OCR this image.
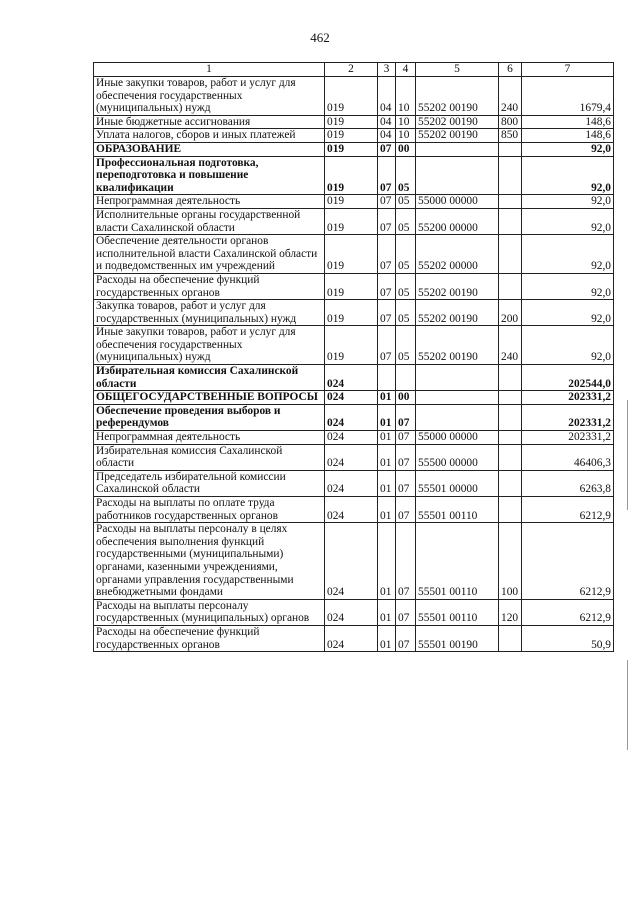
462
1	2	3	4	5	6	7
Иные закупки товаров, работ и услуг для обеспечения государственных (муниципальных) нужд	019	04	10	55202 00190	240	1679,4
Иные бюджетные ассигнования	019	04	10	55202 00190	800	148,6
Уплата налогов, сборов и иных платежей	019	04	10	55202 00190	850	148,6
ОБРАЗОВАНИЕ	019	07	00			92,0
Профессиональная подготовка, переподготовка и повышение квалификации	019	07	05			92,0
Непрограммная деятельность	019	07	05	55000 00000		92,0
Исполнительные органы государственной власти Сахалинской области	019	07	05	55200 00000		92,0
Обеспечение деятельности органов исполнительной власти Сахалинской области и подведомственных им учреждений	019	07	05	55202 00000		92,0
Расходы на обеспечение функций государственных органов	019	07	05	55202 00190		92,0
Закупка товаров, работ и услуг для государственных (муниципальных) нужд	019	07	05	55202 00190	200	92,0
Иные закупки товаров, работ и услуг для обеспечения государственных (муниципальных) нужд	019	07	05	55202 00190	240	92,0
Избирательная комиссия Сахалинской области	024					202544,0
ОБЩЕГОСУДАРСТВЕННЫЕ ВОПРОСЫ	024	01	00			202331,2
Обеспечение проведения выборов и референдумов	024	01	07			202331,2
Непрограммная деятельность	024	01	07	55000 00000		202331,2
Избирательная комиссия Сахалинской области	024	01	07	55500 00000		46406,3
Председатель избирательной комиссии Сахалинской области	024	01	07	55501 00000		6263,8
Расходы на выплаты по оплате труда работников государственных органов	024	01	07	55501 00110		6212,9
Расходы на выплаты персоналу в целях обеспечения выполнения функций государственными (муниципальными) органами, казенными учреждениями, органами управления государственными внебюджетными фондами	024	01	07	55501 00110	100	6212,9
Расходы на выплаты персоналу государственных (муниципальных) органов	024	01	07	55501 00110	120	6212,9
Расходы на обеспечение функций государственных органов	024	01	07	55501 00190		50,9
